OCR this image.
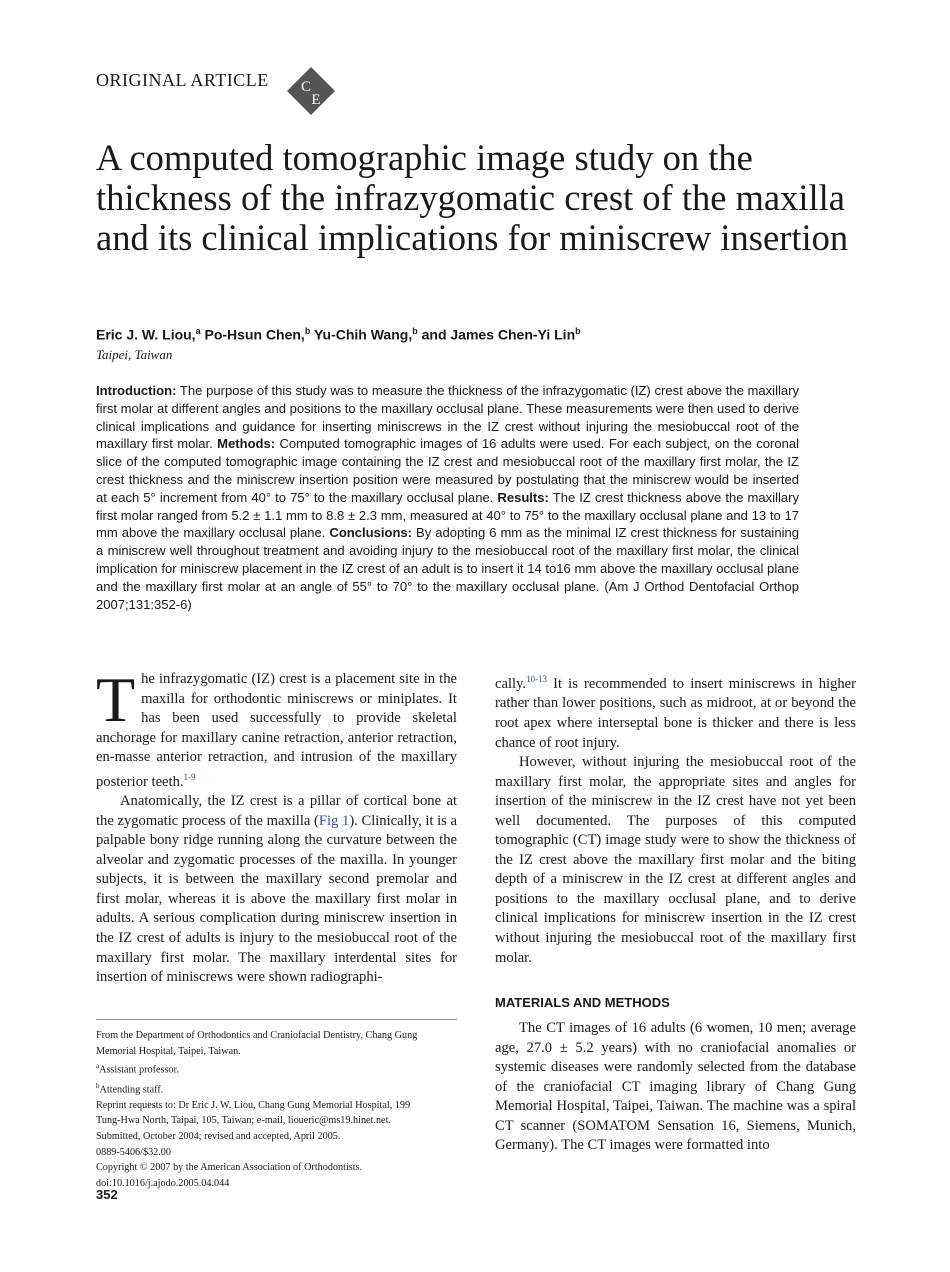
ORIGINAL ARTICLE C
E
A computed tomographic image study on the thickness of the infrazygomatic crest of the maxilla and its clinical implications for miniscrew insertion
Eric J. W. Liou,$^a$ Po-Hsun Chen,$^b$ Yu-Chih Wang,$^b$ and James Chen-Yi Lin$^b$
Taipei, Taiwan
Introduction: The purpose of this study was to measure the thickness of the infrazygomatic (IZ) crest above the maxillary first molar at different angles and positions to the maxillary occlusal plane. These measurements were then used to derive clinical implications and guidance for inserting miniscrews in the IZ crest without injuring the mesiobuccal root of the maxillary first molar. Methods: Computed tomographic images of 16 adults were used. For each subject, on the coronal slice of the computed tomographic image containing the IZ crest and mesiobuccal root of the maxillary first molar, the IZ crest thickness and the miniscrew insertion position were measured by postulating that the miniscrew would be inserted at each 5° increment from 40° to 75° to the maxillary occlusal plane. Results: The IZ crest thickness above the maxillary first molar ranged from 5.2 ± 1.1 mm to 8.8 ± 2.3 mm, measured at 40° to 75° to the maxillary occlusal plane and 13 to 17 mm above the maxillary occlusal plane. Conclusions: By adopting 6 mm as the minimal IZ crest thickness for sustaining a miniscrew well throughout treatment and avoiding injury to the mesiobuccal root of the maxillary first molar, the clinical implication for miniscrew placement in the IZ crest of an adult is to insert it 14 to16 mm above the maxillary occlusal plane and the maxillary first molar at an angle of 55° to 70° to the maxillary occlusal plane. (Am J Orthod Dentofacial Orthop 2007;131:352-6)

The infrazygomatic (IZ) crest is a placement site in the maxilla for orthodontic miniscrews or miniplates. It has been used successfully to provide skeletal anchorage for maxillary canine retraction, anterior retraction, en-masse anterior retraction, and intrusion of the maxillary posterior teeth.$^{1-9}$

Anatomically, the IZ crest is a pillar of cortical bone at the zygomatic process of the maxilla (Fig 1). Clinically, it is a palpable bony ridge running along the curvature between the alveolar and zygomatic processes of the maxilla. In younger subjects, it is between the maxillary second premolar and first molar, whereas it is above the maxillary first molar in adults. A serious complication during miniscrew insertion in the IZ crest of adults is injury to the mesiobuccal root of the maxillary first molar. The maxillary interdental sites for insertion of miniscrews were shown radiographi-

cally.$^{10-13}$ It is recommended to insert miniscrews in higher rather than lower positions, such as midroot, at or beyond the root apex where interseptal bone is thicker and there is less chance of root injury.

However, without injuring the mesiobuccal root of the maxillary first molar, the appropriate sites and angles for insertion of the miniscrew in the IZ crest have not yet been well documented. The purposes of this computed tomographic (CT) image study were to show the thickness of the IZ crest above the maxillary first molar and the biting depth of a miniscrew in the IZ crest at different angles and positions to the maxillary occlusal plane, and to derive clinical implications for miniscrew insertion in the IZ crest without injuring the mesiobuccal root of the maxillary first molar.

MATERIALS AND METHODS

The CT images of 16 adults (6 women, 10 men; average age, 27.0 ± 5.2 years) with no craniofacial anomalies or systemic diseases were randomly selected from the database of the craniofacial CT imaging library of Chang Gung Memorial Hospital, Taipei, Taiwan. The machine was a spiral CT scanner (SOMATOM Sensation 16, Siemens, Munich, Germany). The CT images were formatted into

From the Department of Orthodontics and Craniofacial Dentistry, Chang Gung
Memorial Hospital, Taipei, Taiwan.
$^a$Assistant professor.
$^b$Attending staff.
Reprint requests to: Dr Eric J. W. Liou, Chang Gung Memorial Hospital, 199
Tung-Hwa North, Taipai, 105, Taiwan; e-mail, lioueric@ms19.hinet.net.
Submitted, October 2004; revised and accepted, April 2005.
0889-5406/$32.00
Copyright © 2007 by the American Association of Orthodontists.
doi:10.1016/j.ajodo.2005.04.044
352
